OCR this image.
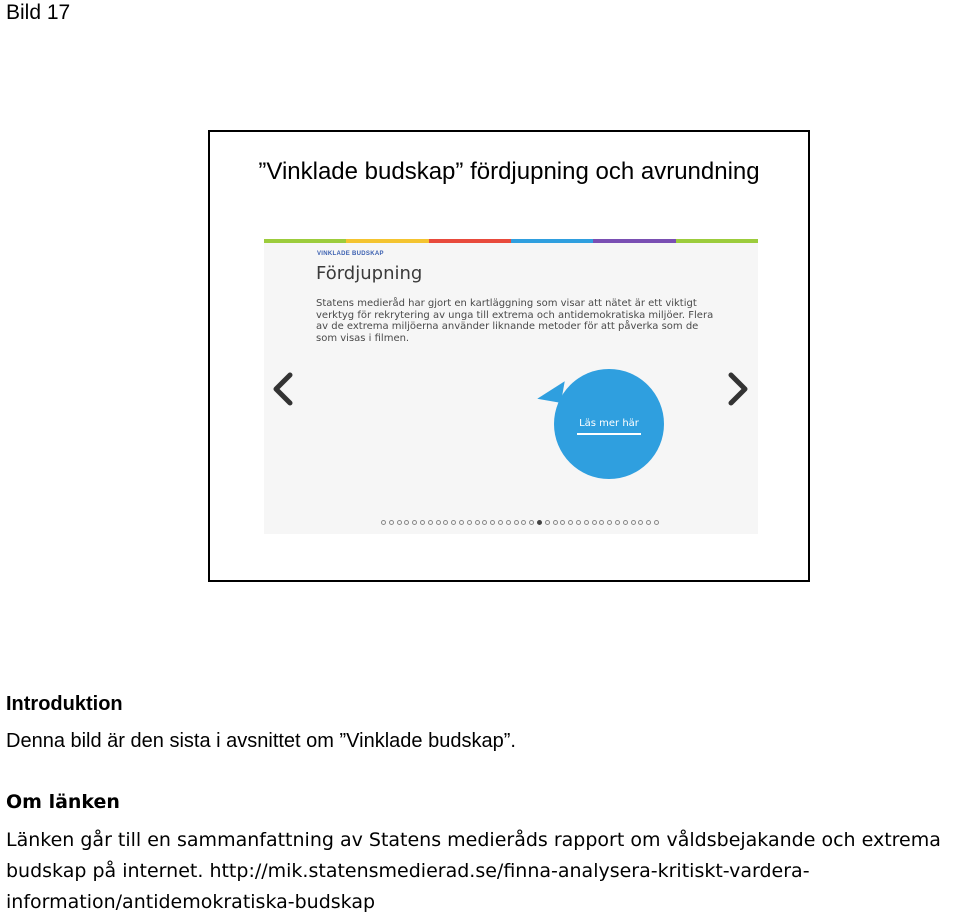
Bild 17
”Vinklade budskap” fördjupning och avrundning
VINKLADE BUDSKAP
Fördjupning
Statens medieråd har gjort en kartläggning som visar att nätet är ett viktigt verktyg för rekrytering av unga till extrema och antidemokratiska miljöer. Flera av de extrema miljöerna använder liknande metoder för att påverka som de som visas i filmen.
Läs mer här
Introduktion
Denna bild är den sista i avsnittet om ”Vinklade budskap”.
Om länken
Länken går till en sammanfattning av Statens medieråds rapport om våldsbejakande och extrema budskap på internet. http://mik.statensmedierad.se/finna-analysera-kritiskt-vardera-information/antidemokratiska-budskap
